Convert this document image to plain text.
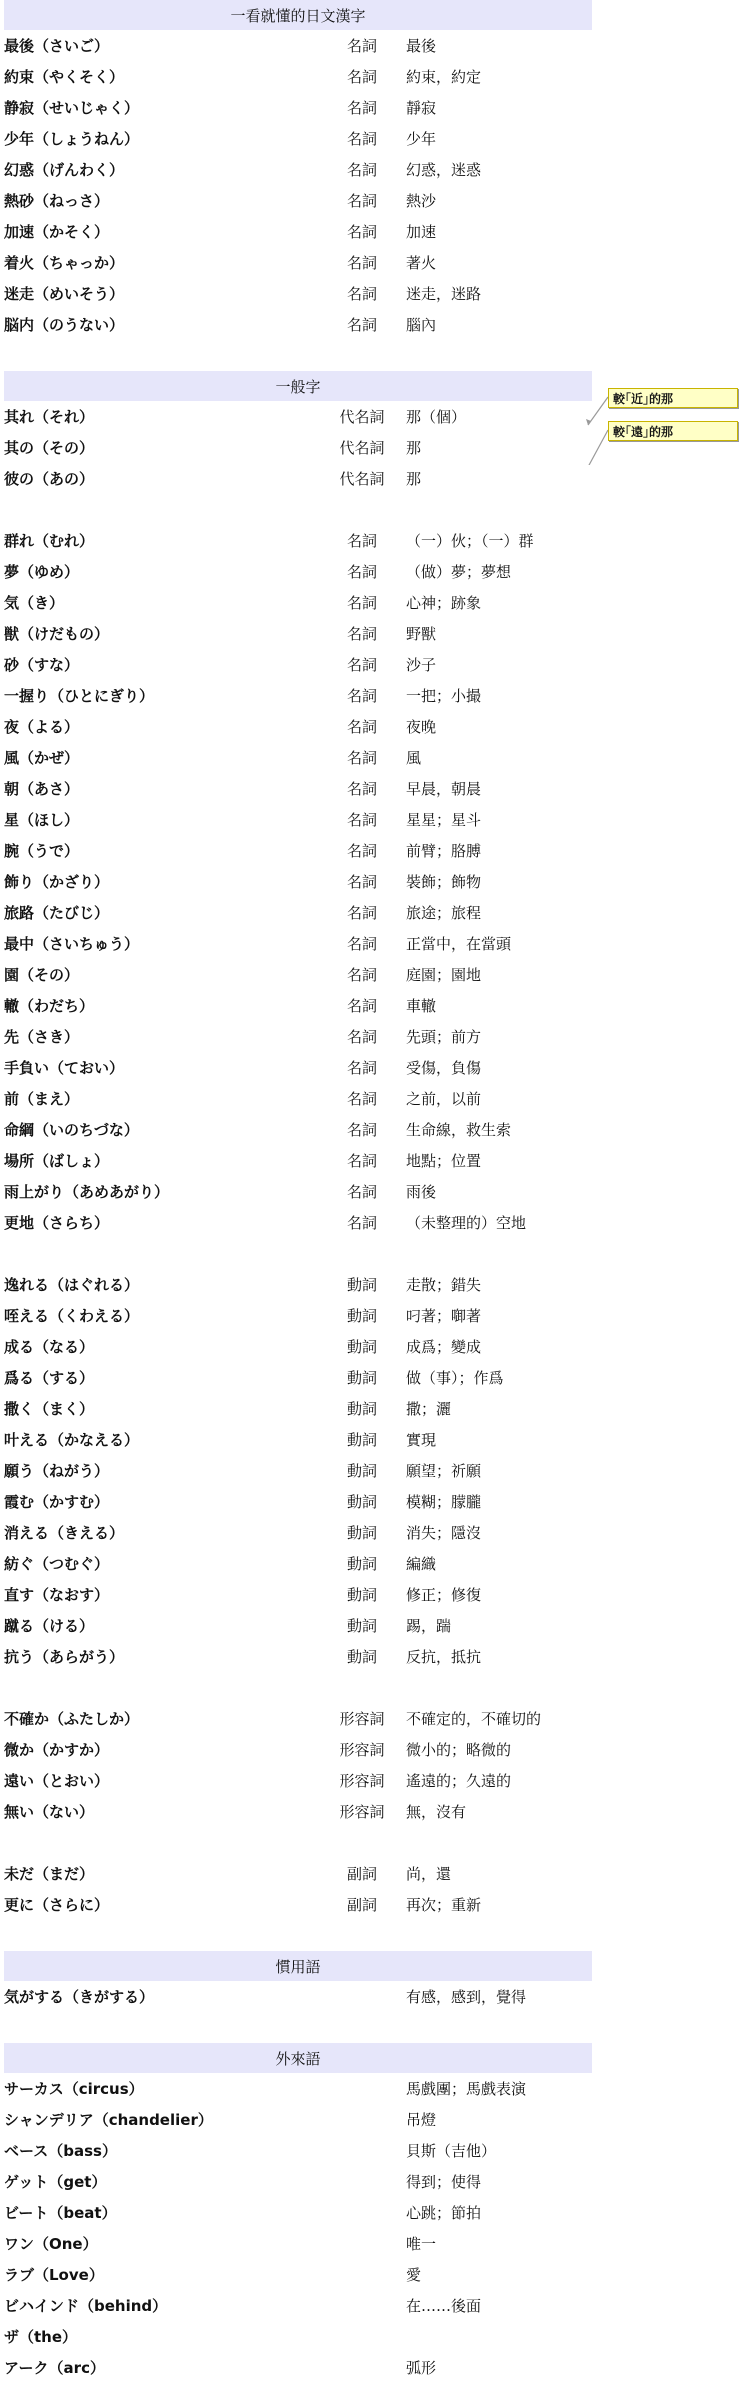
一看就懂的日文漢字
最後（さいご）	名詞	最後
約束（やくそく）	名詞	約束，約定
静寂（せいじゃく）	名詞	靜寂
少年（しょうねん）	名詞	少年
幻惑（げんわく）	名詞	幻惑，迷惑
熱砂（ねっさ）	名詞	熱沙
加速（かそく）	名詞	加速
着火（ちゃっか）	名詞	著火
迷走（めいそう）	名詞	迷走，迷路
脳内（のうない）	名詞	腦內
一般字
其れ（それ）	代名詞	那（個）
其の（その）	代名詞	那
彼の（あの）	代名詞	那
群れ（むれ）	名詞	（一）伙；（一）群
夢（ゆめ）	名詞	（做）夢；夢想
気（き）	名詞	心神；跡象
獣（けだもの）	名詞	野獸
砂（すな）	名詞	沙子
一握り（ひとにぎり）	名詞	一把；小撮
夜（よる）	名詞	夜晚
風（かぜ）	名詞	風
朝（あさ）	名詞	早晨，朝晨
星（ほし）	名詞	星星；星斗
腕（うで）	名詞	前臂；胳膊
飾り（かざり）	名詞	裝飾；飾物
旅路（たびじ）	名詞	旅途；旅程
最中（さいちゅう）	名詞	正當中，在當頭
園（その）	名詞	庭園；園地
轍（わだち）	名詞	車轍
先（さき）	名詞	先頭；前方
手負い（ておい）	名詞	受傷，負傷
前（まえ）	名詞	之前，以前
命綱（いのちづな）	名詞	生命線，救生索
場所（ばしょ）	名詞	地點；位置
雨上がり（あめあがり）	名詞	雨後
更地（さらち）	名詞	（未整理的）空地
逸れる（はぐれる）	動詞	走散；錯失
咥える（くわえる）	動詞	叼著；啣著
成る（なる）	動詞	成爲；變成
爲る（する）	動詞	做（事）；作爲
撒く（まく）	動詞	撒；灑
叶える（かなえる）	動詞	實現
願う（ねがう）	動詞	願望；祈願
霞む（かすむ）	動詞	模糊；朦朧
消える（きえる）	動詞	消失；隱沒
紡ぐ（つむぐ）	動詞	編織
直す（なおす）	動詞	修正；修復
蹴る（ける）	動詞	踢，踹
抗う（あらがう）	動詞	反抗，抵抗
不確か（ふたしか）	形容詞	不確定的，不確切的
微か（かすか）	形容詞	微小的；略微的
遠い（とおい）	形容詞	遙遠的；久遠的
無い（ない）	形容詞	無，沒有
未だ（まだ）	副詞	尚，還
更に（さらに）	副詞	再次；重新
慣用語
気がする（きがする）	有感，感到，覺得
外來語
サーカス（circus）	馬戲團；馬戲表演
シャンデリア（chandelier）	吊燈
ベース（bass）	貝斯（吉他）
ゲット（get）	得到；使得
ビート（beat）	心跳；節拍
ワン（One）	唯一
ラブ（Love）	愛
ビハインド（behind）	在……後面
ザ（the）
アーク（arc）	弧形
較｢近｣的那
較｢遠｣的那
